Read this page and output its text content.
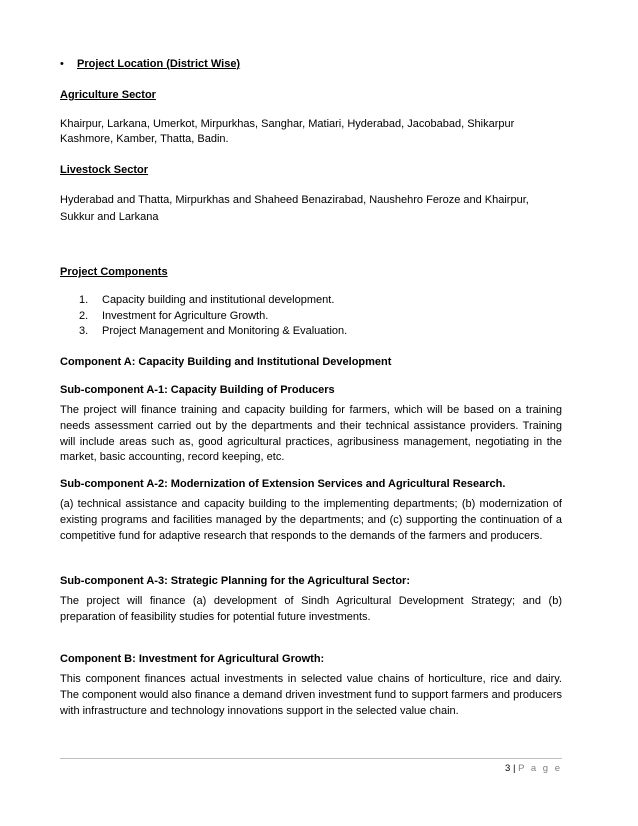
• Project Location (District Wise)
Agriculture Sector
Khairpur, Larkana, Umerkot, Mirpurkhas, Sanghar, Matiari, Hyderabad, Jacobabad, Shikarpur
Kashmore, Kamber, Thatta, Badin.
Livestock Sector
Hyderabad and Thatta, Mirpurkhas and Shaheed Benazirabad, Naushehro Feroze and Khairpur,
Sukkur and Larkana
Project Components
1. Capacity building and institutional development.
2. Investment for Agriculture Growth.
3. Project Management and Monitoring & Evaluation.
Component A: Capacity Building and Institutional Development
Sub-component A-1: Capacity Building of Producers
The project will finance training and capacity building for farmers, which will be based on a training needs assessment carried out by the departments and their technical assistance providers. Training will include areas such as, good agricultural practices, agribusiness management, negotiating in the market, basic accounting, record keeping, etc.
Sub-component A-2: Modernization of Extension Services and Agricultural Research.
(a) technical assistance and capacity building to the implementing departments; (b) modernization of existing programs and facilities managed by the departments; and (c) supporting the continuation of a competitive fund for adaptive research that responds to the demands of the farmers and producers.
Sub-component A-3: Strategic Planning for the Agricultural Sector:
The project will finance (a) development of Sindh Agricultural Development Strategy; and (b) preparation of feasibility studies for potential future investments.
Component B: Investment for Agricultural Growth:
This component finances actual investments in selected value chains of horticulture, rice and dairy. The component would also finance a demand driven investment fund to support farmers and producers with infrastructure and technology innovations support in the selected value chain.
3 | P a g e
